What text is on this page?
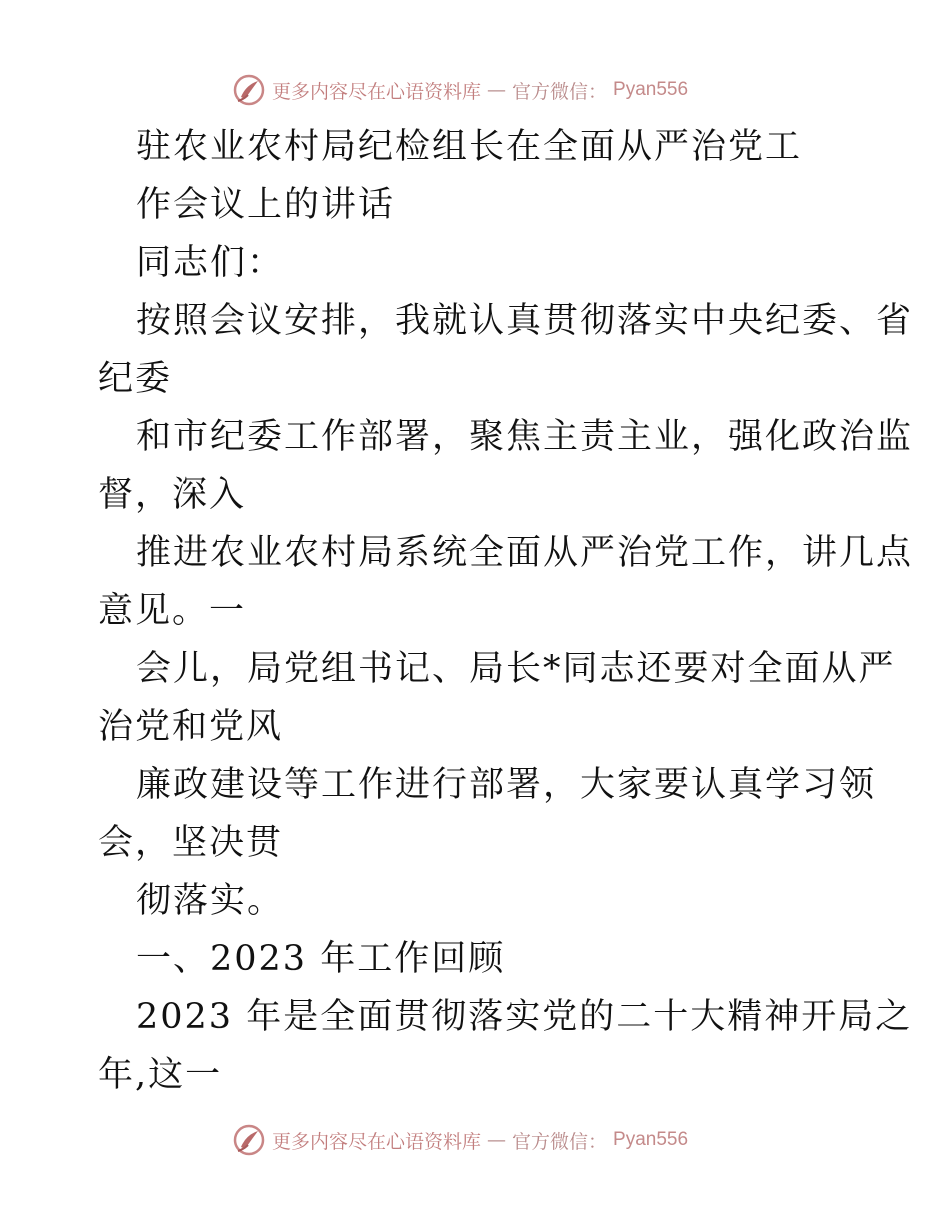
更多内容尽在心语资料库 — 官方微信： Pyan556
驻农业农村局纪检组长在全面从严治党工
作会议上的讲话
同志们：
按照会议安排，我就认真贯彻落实中央纪委、省
纪委
和市纪委工作部署，聚焦主责主业，强化政治监
督，深入
推进农业农村局系统全面从严治党工作，讲几点
意见。一
会儿，局党组书记、局长*同志还要对全面从严
治党和党风
廉政建设等工作进行部署，大家要认真学习领
会，坚决贯
彻落实。
一、2023 年工作回顾
2023 年是全面贯彻落实党的二十大精神开局之
年,这一
更多内容尽在心语资料库 — 官方微信： Pyan556
